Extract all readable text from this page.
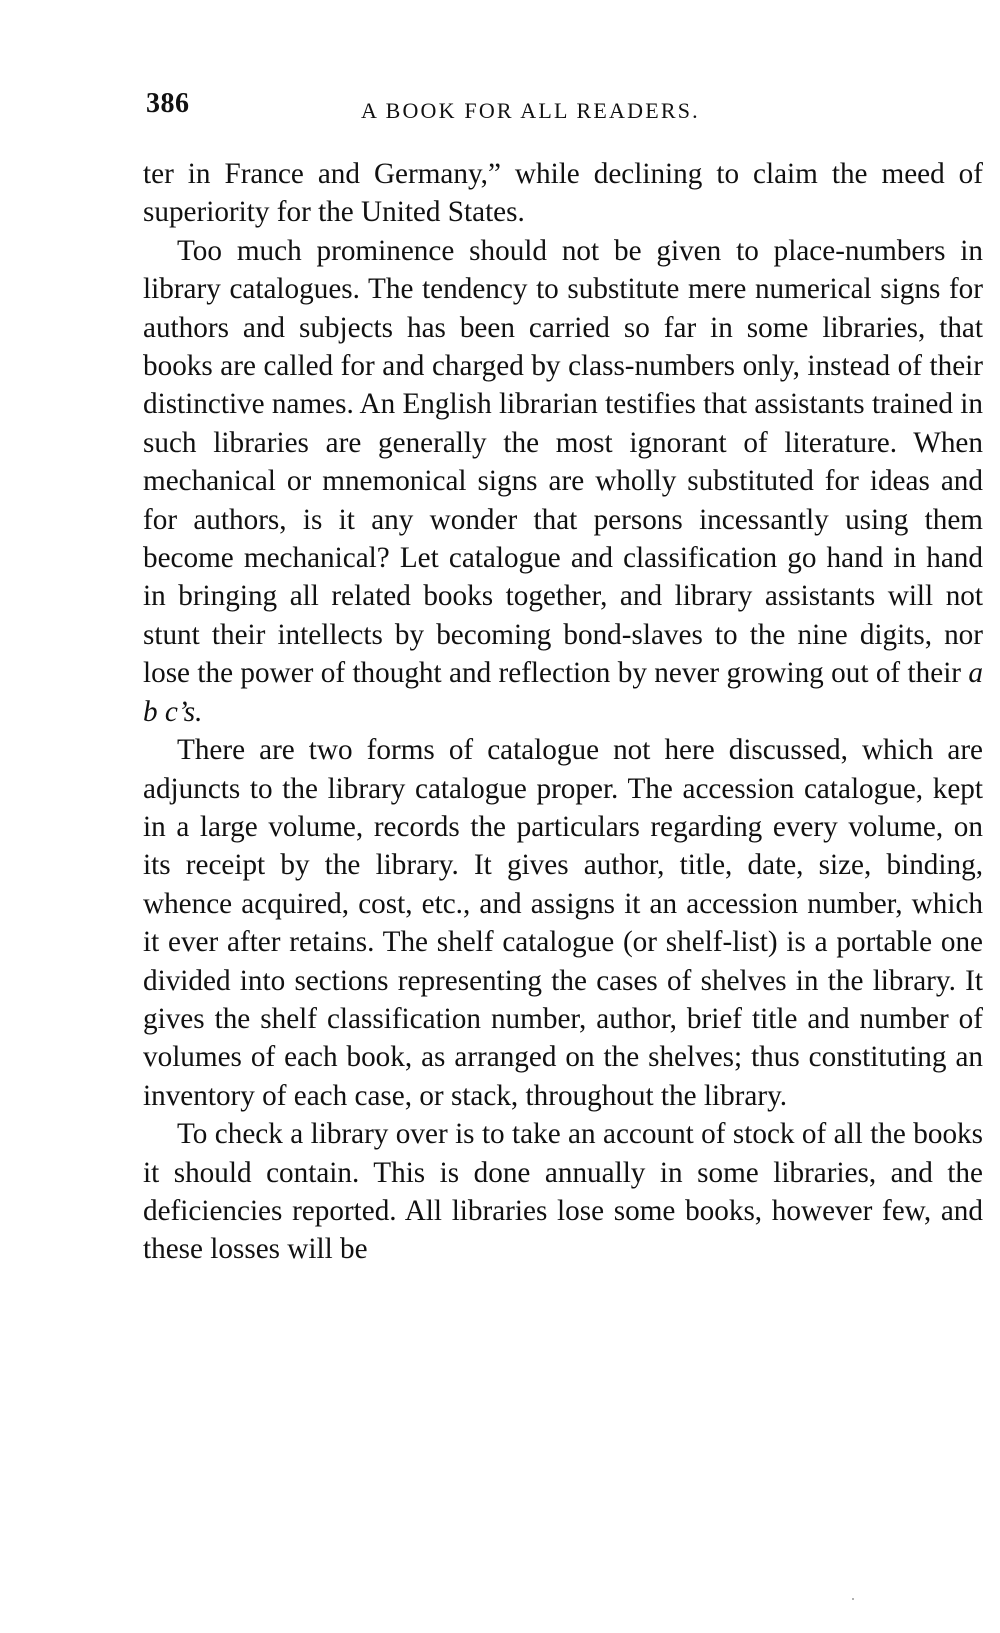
386	A BOOK FOR ALL READERS.

ter in France and Germany,” while declining to claim the meed of superiority for the United States.

Too much prominence should not be given to place-numbers in library catalogues. The tendency to substitute mere numerical signs for authors and subjects has been carried so far in some libraries, that books are called for and charged by class-numbers only, instead of their distinctive names. An English librarian testifies that assistants trained in such libraries are generally the most ignorant of literature. When mechanical or mnemonical signs are wholly substituted for ideas and for authors, is it any wonder that persons incessantly using them become mechanical? Let catalogue and classification go hand in hand in bringing all related books together, and library assistants will not stunt their intellects by becoming bond-slaves to the nine digits, nor lose the power of thought and reflection by never growing out of their a b c’s.

There are two forms of catalogue not here discussed, which are adjuncts to the library catalogue proper. The accession catalogue, kept in a large volume, records the particulars regarding every volume, on its receipt by the library. It gives author, title, date, size, binding, whence acquired, cost, etc., and assigns it an accession number, which it ever after retains. The shelf catalogue (or shelf-list) is a portable one divided into sections representing the cases of shelves in the library. It gives the shelf classification number, author, brief title and number of volumes of each book, as arranged on the shelves; thus constituting an inventory of each case, or stack, throughout the library.

To check a library over is to take an account of stock of all the books it should contain. This is done annually in some libraries, and the deficiencies reported. All libraries lose some books, however few, and these losses will be
